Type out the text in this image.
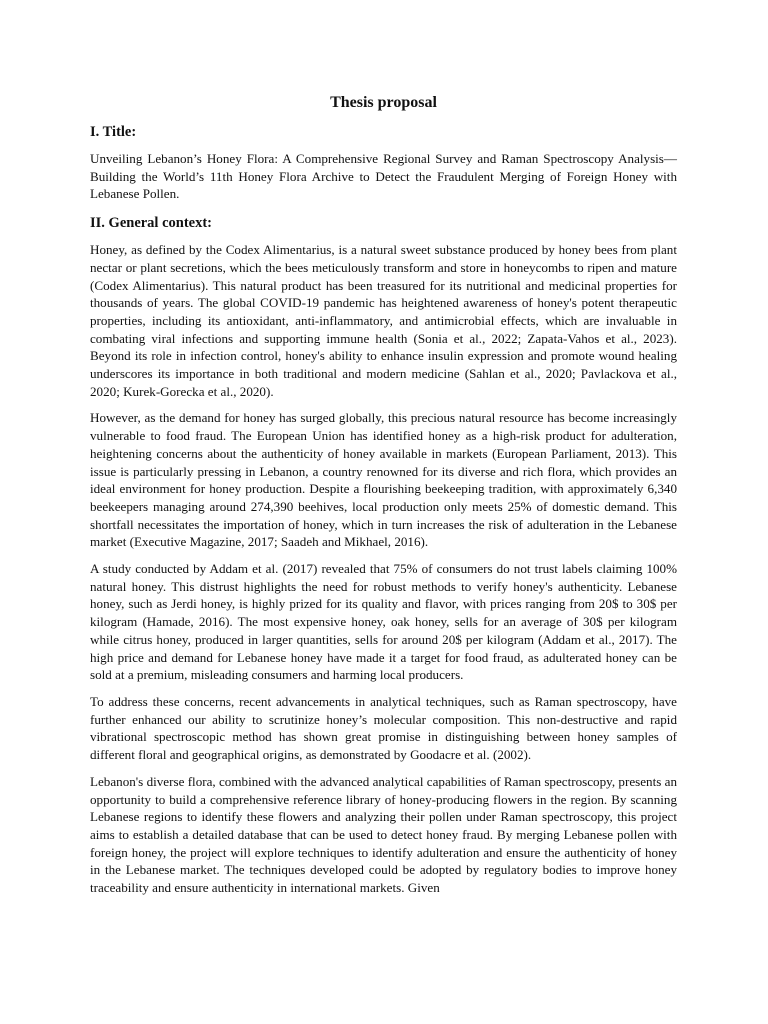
Thesis proposal
I. Title:

Unveiling Lebanon’s Honey Flora: A Comprehensive Regional Survey and Raman Spectroscopy Analysis—Building the World’s 11th Honey Flora Archive to Detect the Fraudulent Merging of Foreign Honey with Lebanese Pollen.

II. General context:

Honey, as defined by the Codex Alimentarius, is a natural sweet substance produced by honey bees from plant nectar or plant secretions, which the bees meticulously transform and store in honeycombs to ripen and mature (Codex Alimentarius). This natural product has been treasured for its nutritional and medicinal properties for thousands of years. The global COVID-19 pandemic has heightened awareness of honey's potent therapeutic properties, including its antioxidant, anti-inflammatory, and antimicrobial effects, which are invaluable in combating viral infections and supporting immune health (Sonia et al., 2022; Zapata-Vahos et al., 2023). Beyond its role in infection control, honey's ability to enhance insulin expression and promote wound healing underscores its importance in both traditional and modern medicine (Sahlan et al., 2020; Pavlackova et al., 2020; Kurek-Gorecka et al., 2020).

However, as the demand for honey has surged globally, this precious natural resource has become increasingly vulnerable to food fraud. The European Union has identified honey as a high-risk product for adulteration, heightening concerns about the authenticity of honey available in markets (European Parliament, 2013). This issue is particularly pressing in Lebanon, a country renowned for its diverse and rich flora, which provides an ideal environment for honey production. Despite a flourishing beekeeping tradition, with approximately 6,340 beekeepers managing around 274,390 beehives, local production only meets 25% of domestic demand. This shortfall necessitates the importation of honey, which in turn increases the risk of adulteration in the Lebanese market (Executive Magazine, 2017; Saadeh and Mikhael, 2016).

A study conducted by Addam et al. (2017) revealed that 75% of consumers do not trust labels claiming 100% natural honey. This distrust highlights the need for robust methods to verify honey's authenticity. Lebanese honey, such as Jerdi honey, is highly prized for its quality and flavor, with prices ranging from 20$ to 30$ per kilogram (Hamade, 2016). The most expensive honey, oak honey, sells for an average of 30$ per kilogram while citrus honey, produced in larger quantities, sells for around 20$ per kilogram (Addam et al., 2017). The high price and demand for Lebanese honey have made it a target for food fraud, as adulterated honey can be sold at a premium, misleading consumers and harming local producers.

To address these concerns, recent advancements in analytical techniques, such as Raman spectroscopy, have further enhanced our ability to scrutinize honey’s molecular composition. This non-destructive and rapid vibrational spectroscopic method has shown great promise in distinguishing between honey samples of different floral and geographical origins, as demonstrated by Goodacre et al. (2002).

Lebanon's diverse flora, combined with the advanced analytical capabilities of Raman spectroscopy, presents an opportunity to build a comprehensive reference library of honey-producing flowers in the region. By scanning Lebanese regions to identify these flowers and analyzing their pollen under Raman spectroscopy, this project aims to establish a detailed database that can be used to detect honey fraud. By merging Lebanese pollen with foreign honey, the project will explore techniques to identify adulteration and ensure the authenticity of honey in the Lebanese market. The techniques developed could be adopted by regulatory bodies to improve honey traceability and ensure authenticity in international markets. Given
